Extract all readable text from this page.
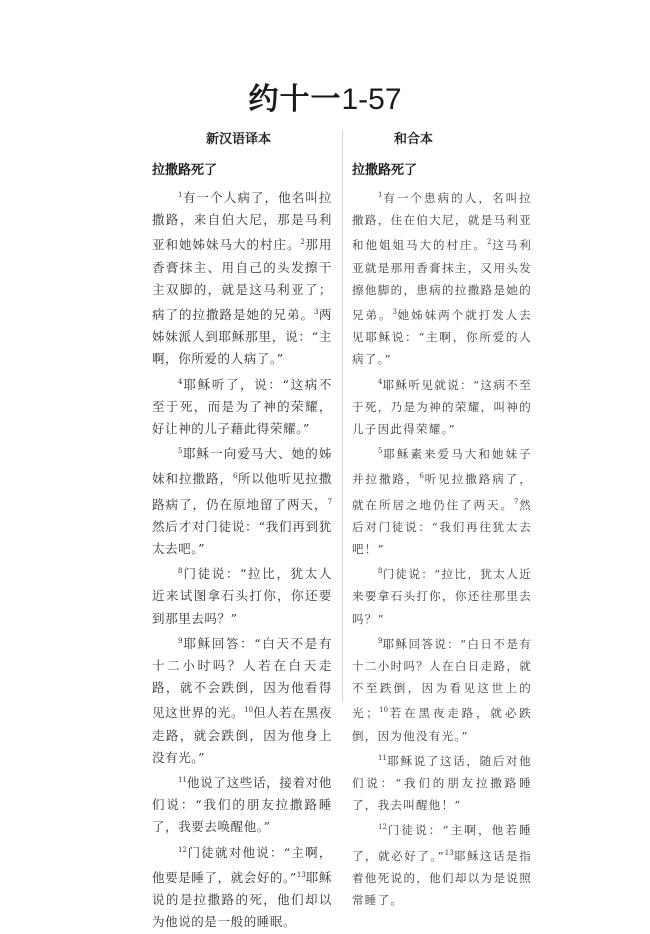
约十一1-57
新汉语译本	和合本
拉撒路死了

$^1$有一个人病了，他名叫拉撒路，来自伯大尼，那是马利亚和她姊妹马大的村庄。$^2$那用香膏抹主、用自己的头发擦干主双脚的，就是这马利亚了；病了的拉撒路是她的兄弟。$^3$两姊妹派人到耶稣那里，说：“主啊，你所爱的人病了。”

$^4$耶稣听了，说：“这病不至于死，而是为了神的荣耀，好让神的儿子藉此得荣耀。”

$^5$耶稣一向爱马大、她的姊妹和拉撒路，$^6$所以他听见拉撒路病了，仍在原地留了两天，$^7$然后才对门徒说：“我们再到犹太去吧。”

$^8$门徒说：“拉比，犹太人近来试图拿石头打你，你还要到那里去吗？”

$^9$耶稣回答：“白天不是有十二小时吗？人若在白天走路，就不会跌倒，因为他看得见这世界的光。$^{10}$但人若在黑夜走路，就会跌倒，因为他身上没有光。”

$^{11}$他说了这些话，接着对他们说：“我们的朋友拉撒路睡了，我要去唤醒他。”

$^{12}$门徒就对他说：“主啊，他要是睡了，就会好的。”$^{13}$耶稣说的是拉撒路的死，他们却以为他说的是一般的睡眠。

拉撒路死了

$^1$有一个患病的人，名叫拉撒路，住在伯大尼，就是马利亚和他姐姐马大的村庄。$^2$这马利亚就是那用香膏抹主，又用头发擦他脚的，患病的拉撒路是她的兄弟。$^3$她姊妹两个就打发人去见耶稣说：“主啊，你所爱的人病了。”

$^4$耶稣听见就说：“这病不至于死，乃是为神的荣耀，叫神的儿子因此得荣耀。”

$^5$耶稣素来爱马大和她妹子并拉撒路，$^6$听见拉撒路病了，就在所居之地仍住了两天。$^7$然后对门徒说：“我们再往犹太去吧！”

$^8$门徒说：“拉比，犹太人近来要拿石头打你，你还往那里去吗？”

$^9$耶稣回答说：“白日不是有十二小时吗？人在白日走路，就不至跌倒，因为看见这世上的光；$^{10}$若在黑夜走路，就必跌倒，因为他没有光。”

$^{11}$耶稣说了这话，随后对他们说：“我们的朋友拉撒路睡了，我去叫醒他！”

$^{12}$门徒说：“主啊，他若睡了，就必好了。”$^{13}$耶稣这话是指着他死说的，他们却以为是说照常睡了。
